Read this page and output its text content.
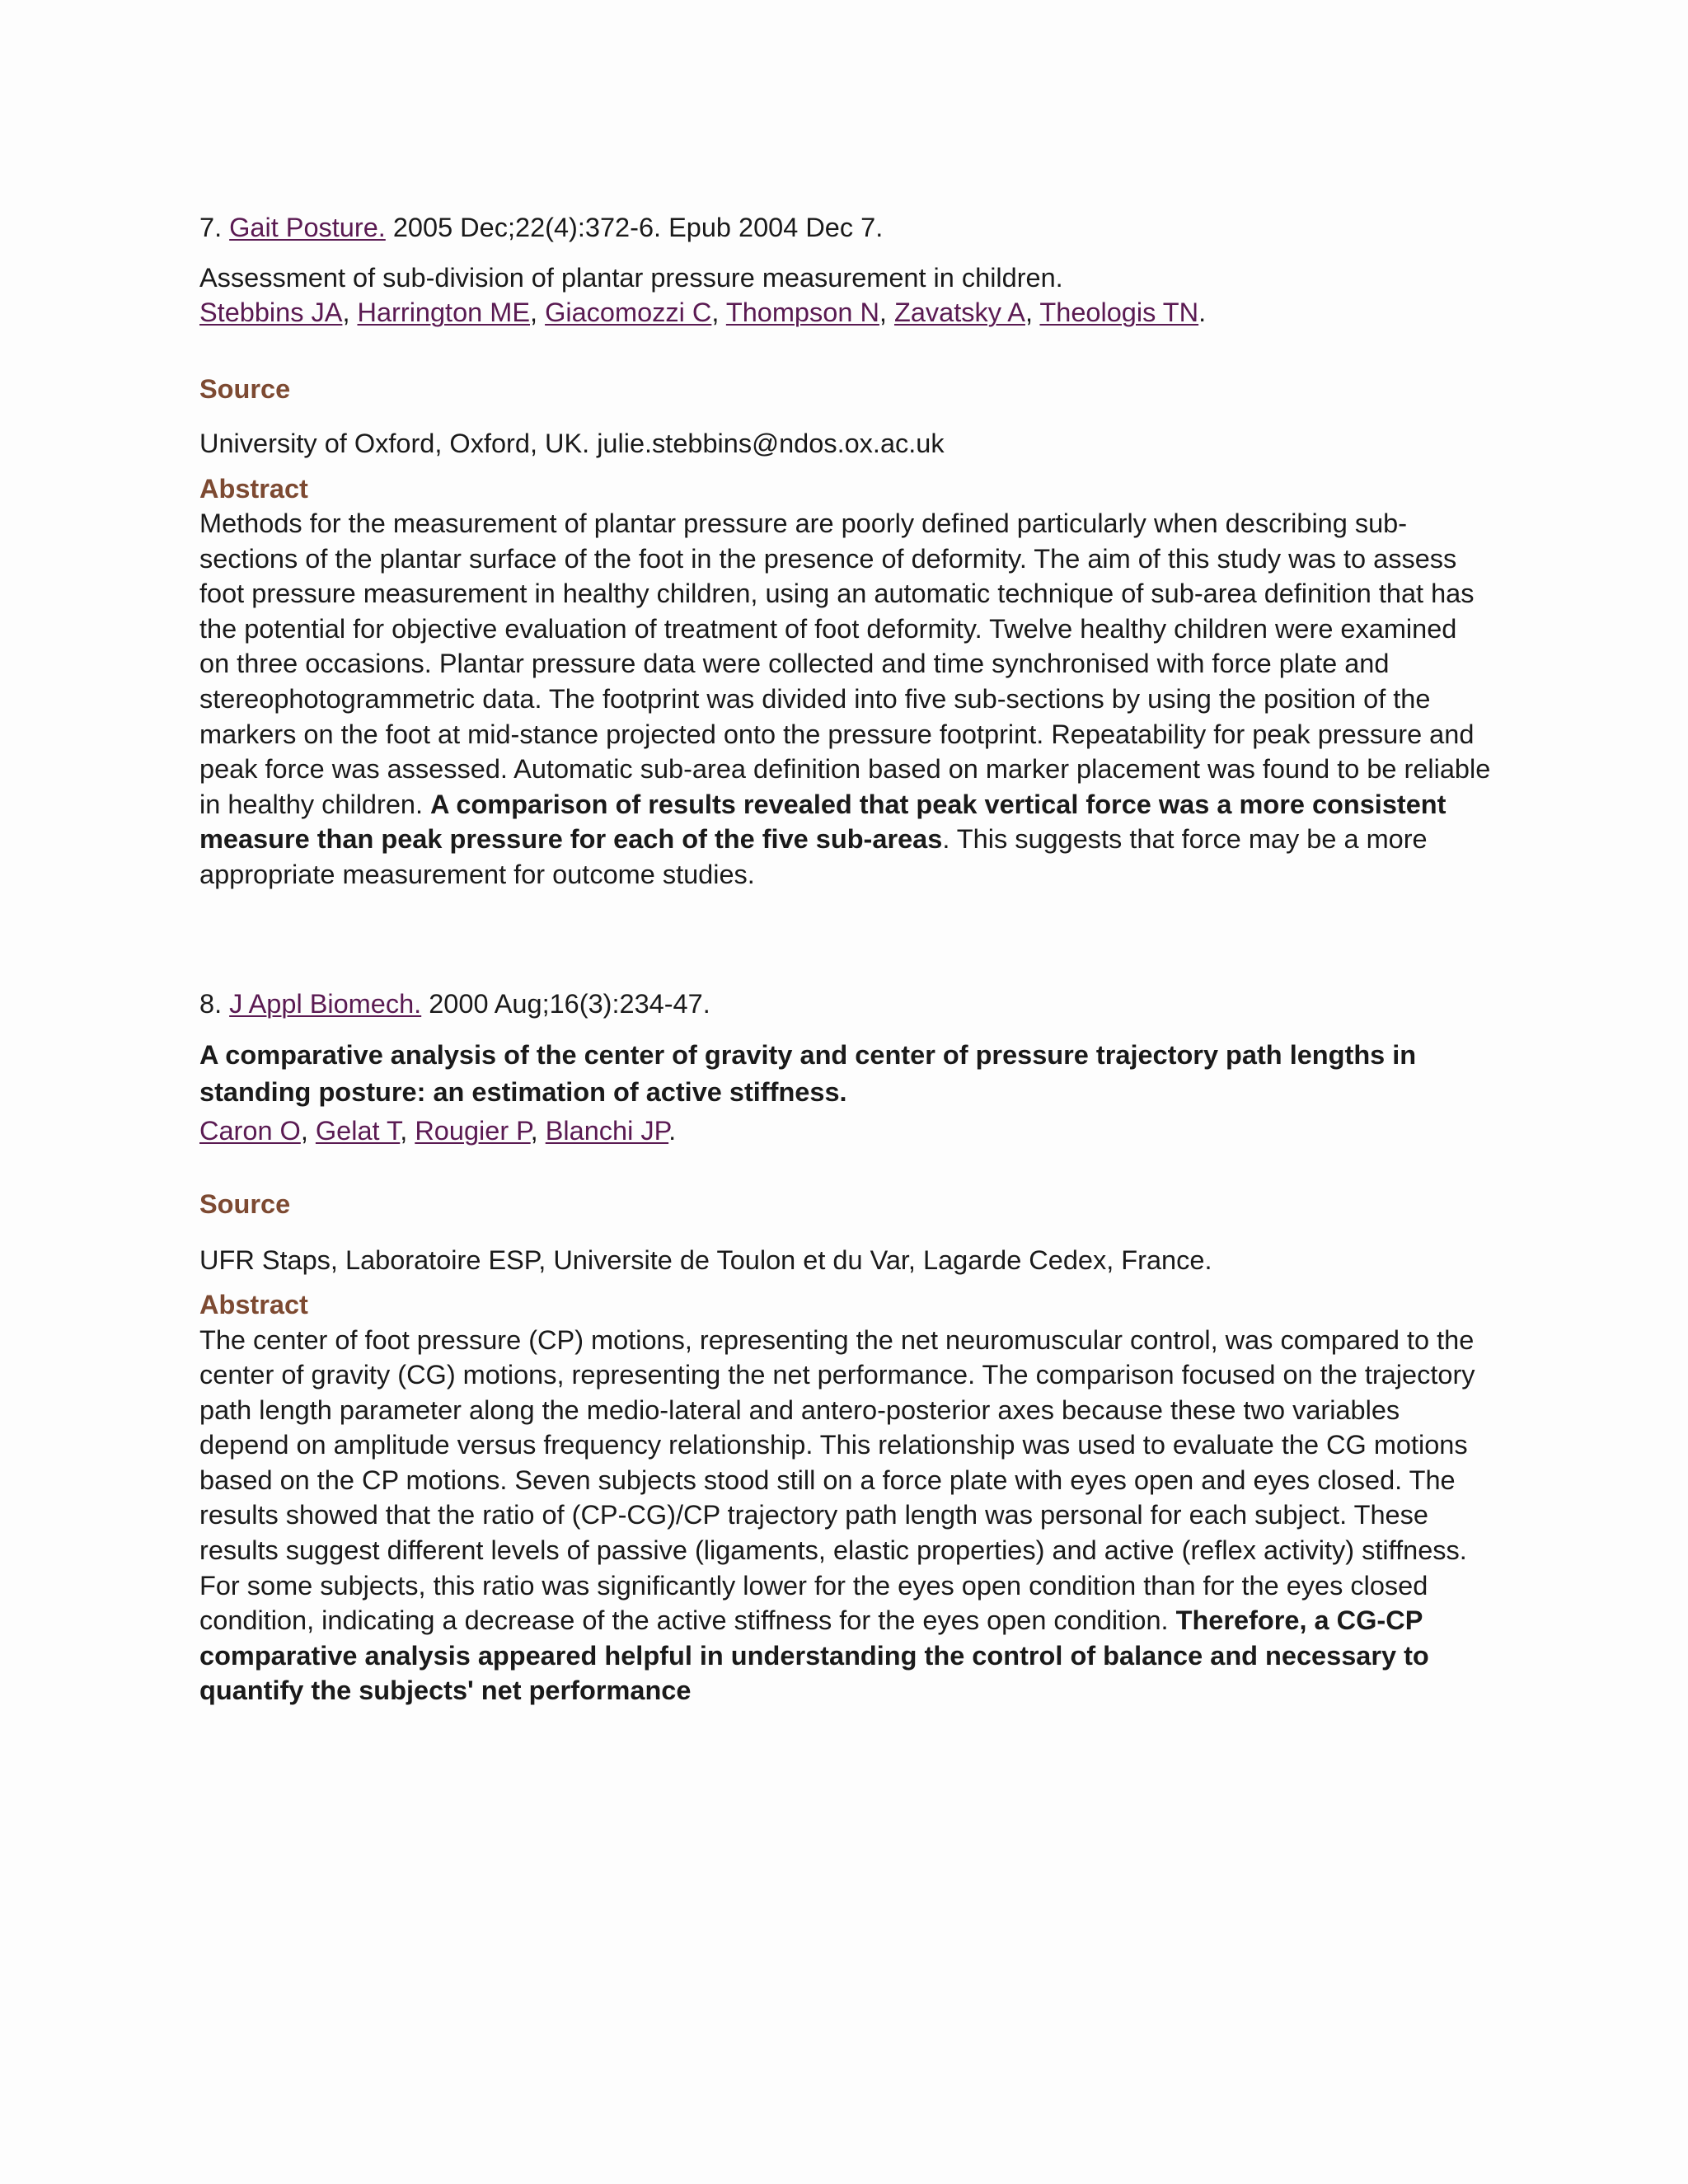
7. Gait Posture. 2005 Dec;22(4):372-6. Epub 2004 Dec 7.
Assessment of sub-division of plantar pressure measurement in children.
Stebbins JA, Harrington ME, Giacomozzi C, Thompson N, Zavatsky A, Theologis TN.
Source
University of Oxford, Oxford, UK. julie.stebbins@ndos.ox.ac.uk
Abstract
Methods for the measurement of plantar pressure are poorly defined particularly when describing sub-sections of the plantar surface of the foot in the presence of deformity. The aim of this study was to assess foot pressure measurement in healthy children, using an automatic technique of sub-area definition that has the potential for objective evaluation of treatment of foot deformity. Twelve healthy children were examined on three occasions. Plantar pressure data were collected and time synchronised with force plate and stereophotogrammetric data. The footprint was divided into five sub-sections by using the position of the markers on the foot at mid-stance projected onto the pressure footprint. Repeatability for peak pressure and peak force was assessed. Automatic sub-area definition based on marker placement was found to be reliable in healthy children. A comparison of results revealed that peak vertical force was a more consistent measure than peak pressure for each of the five sub-areas. This suggests that force may be a more appropriate measurement for outcome studies.
8. J Appl Biomech. 2000 Aug;16(3):234-47.
A comparative analysis of the center of gravity and center of pressure trajectory path lengths in standing posture: an estimation of active stiffness.
Caron O, Gelat T, Rougier P, Blanchi JP.
Source
UFR Staps, Laboratoire ESP, Universite de Toulon et du Var, Lagarde Cedex, France.
Abstract
The center of foot pressure (CP) motions, representing the net neuromuscular control, was compared to the center of gravity (CG) motions, representing the net performance. The comparison focused on the trajectory path length parameter along the medio-lateral and antero-posterior axes because these two variables depend on amplitude versus frequency relationship. This relationship was used to evaluate the CG motions based on the CP motions. Seven subjects stood still on a force plate with eyes open and eyes closed. The results showed that the ratio of (CP-CG)/CP trajectory path length was personal for each subject. These results suggest different levels of passive (ligaments, elastic properties) and active (reflex activity) stiffness. For some subjects, this ratio was significantly lower for the eyes open condition than for the eyes closed condition, indicating a decrease of the active stiffness for the eyes open condition. Therefore, a CG-CP comparative analysis appeared helpful in understanding the control of balance and necessary to quantify the subjects' net performance
